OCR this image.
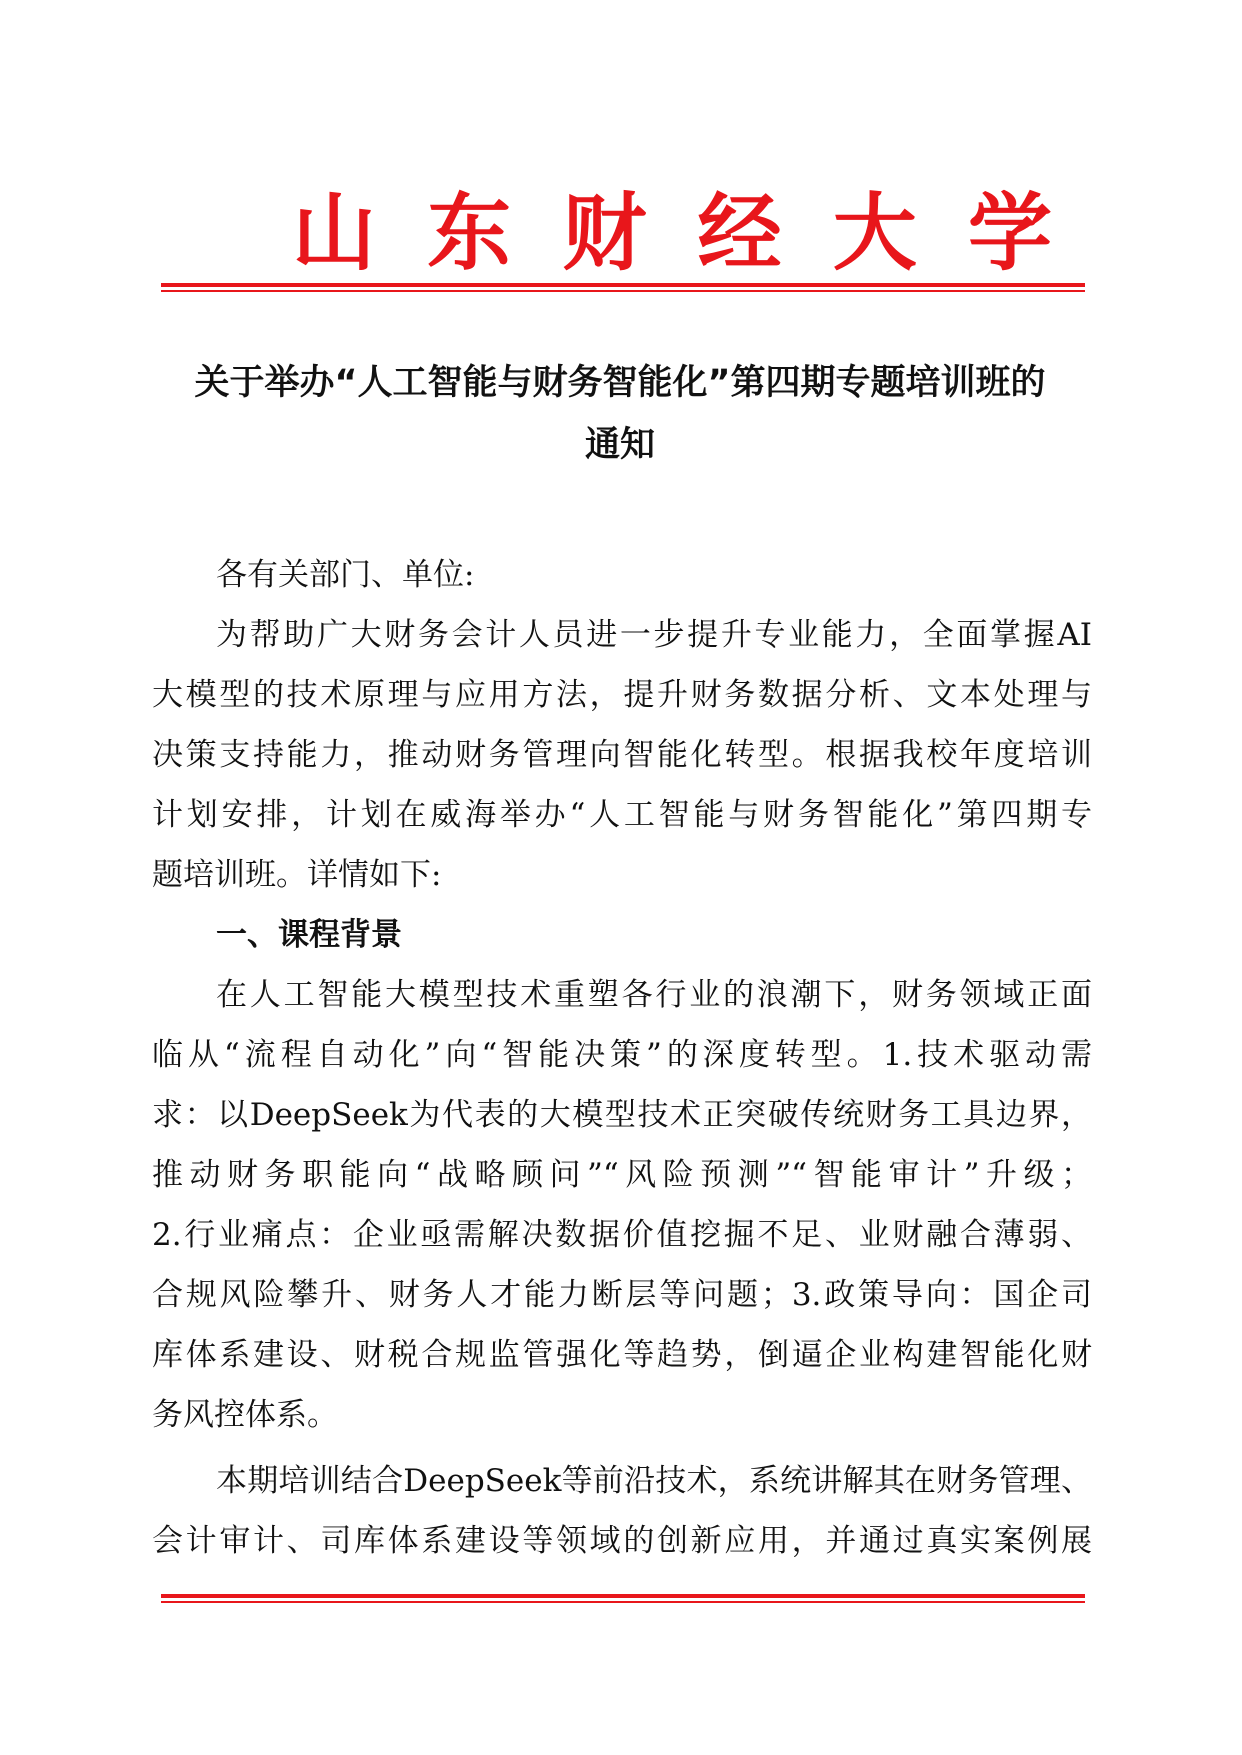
山 东 财 经 大 学
关于举办“人工智能与财务智能化”第四期专题培训班的
通知
各有关部门、单位:
为帮助广大财务会计人员进一步提升专业能力，全面掌握AI
大模型的技术原理与应用方法，提升财务数据分析、文本处理与
决策支持能力，推动财务管理向智能化转型。根据我校年度培训
计划安排，计划在威海举办“人工智能与财务智能化”第四期专
题培训班。详情如下:
一、课程背景
在人工智能大模型技术重塑各行业的浪潮下，财务领域正面
临从“流程自动化”向“智能决策”的深度转型。1.技术驱动需
求：以DeepSeek为代表的大模型技术正突破传统财务工具边界，
推动财务职能向“战略顾问”“风险预测”“智能审计”升级；
2.行业痛点：企业亟需解决数据价值挖掘不足、业财融合薄弱、
合规风险攀升、财务人才能力断层等问题；3.政策导向：国企司
库体系建设、财税合规监管强化等趋势，倒逼企业构建智能化财
务风控体系。
本期培训结合DeepSeek等前沿技术，系统讲解其在财务管理、
会计审计、司库体系建设等领域的创新应用，并通过真实案例展
